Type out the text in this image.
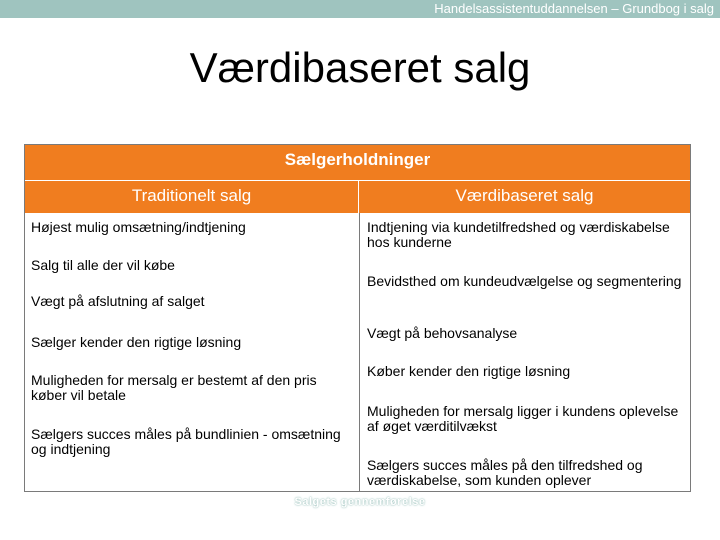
Handelsassistentuddannelsen – Grundbog i salg
Værdibaseret salg
Sælgerholdninger
Traditionelt salg	Værdibaseret salg
Højest mulig omsætning/indtjening
Salg til alle der vil købe
Vægt på afslutning af salget
Sælger kender den rigtige løsning
Muligheden for mersalg er bestemt af den pris køber vil betale
Sælgers succes måles på bundlinien - omsætning og indtjening
Indtjening via kundetilfredshed og værdiskabelse hos kunderne
Bevidsthed om kundeudvælgelse og segmentering
Vægt på behovsanalyse
Køber kender den rigtige løsning
Muligheden for mersalg ligger i kundens oplevelse af øget værditilvækst
Sælgers succes måles på den tilfredshed og værdiskabelse, som kunden oplever
Salgets gennemførelse
